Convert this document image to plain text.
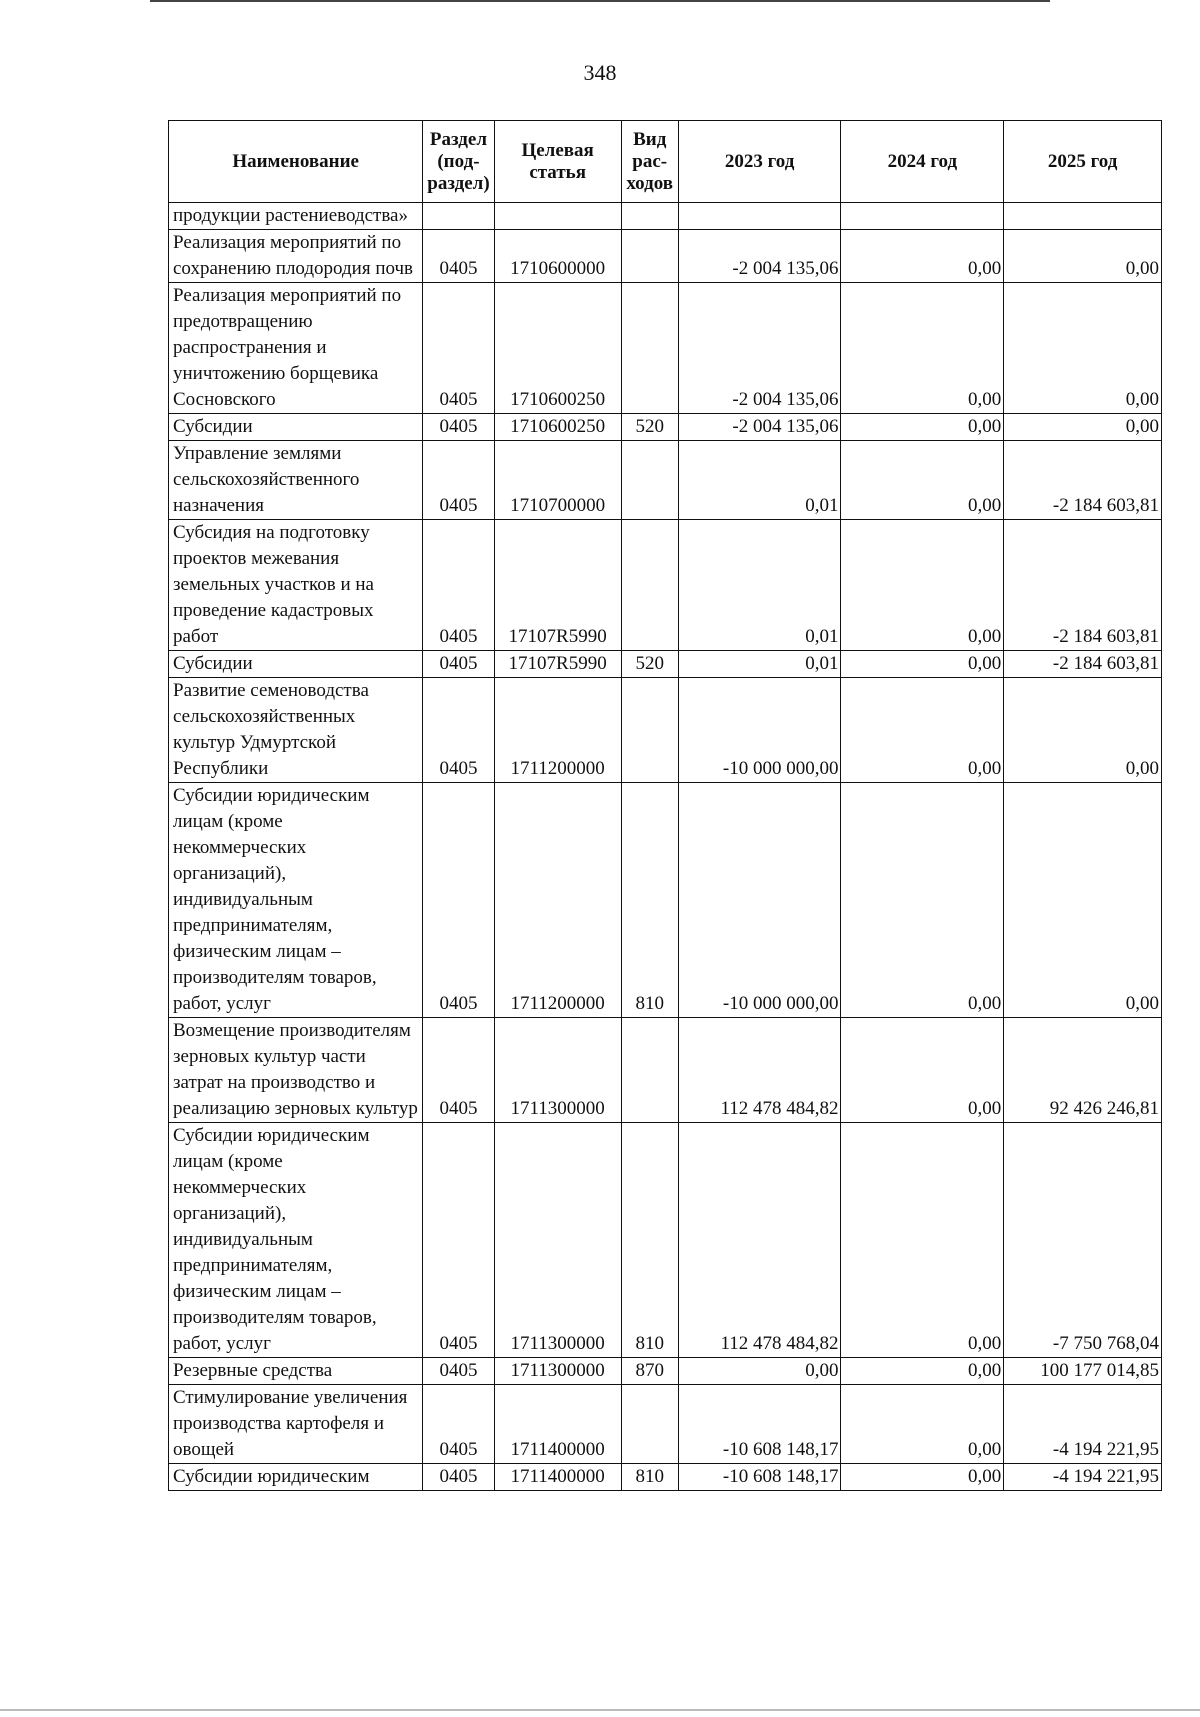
348
Наименование	Раздел (под-раздел)	Целевая статья	Вид рас-ходов	2023 год	2024 год	2025 год
продукции растениеводства»						
Реализация мероприятий по сохранению плодородия почв	0405	1710600000		-2 004 135,06	0,00	0,00
Реализация мероприятий по предотвращению распространения и уничтожению борщевика Сосновского	0405	1710600250		-2 004 135,06	0,00	0,00
Субсидии	0405	1710600250	520	-2 004 135,06	0,00	0,00
Управление землями сельскохозяйственного назначения	0405	1710700000		0,01	0,00	-2 184 603,81
Субсидия на подготовку проектов межевания земельных участков и на проведение кадастровых работ	0405	17107R5990		0,01	0,00	-2 184 603,81
Субсидии	0405	17107R5990	520	0,01	0,00	-2 184 603,81
Развитие семеноводства сельскохозяйственных культур Удмуртской Республики	0405	1711200000		-10 000 000,00	0,00	0,00
Субсидии юридическим лицам (кроме некоммерческих организаций), индивидуальным предпринимателям, физическим лицам – производителям товаров, работ, услуг	0405	1711200000	810	-10 000 000,00	0,00	0,00
Возмещение производителям зерновых культур части затрат на производство и реализацию зерновых культур	0405	1711300000		112 478 484,82	0,00	92 426 246,81
Субсидии юридическим лицам (кроме некоммерческих организаций), индивидуальным предпринимателям, физическим лицам – производителям товаров, работ, услуг	0405	1711300000	810	112 478 484,82	0,00	-7 750 768,04
Резервные средства	0405	1711300000	870	0,00	0,00	100 177 014,85
Стимулирование увеличения производства картофеля и овощей	0405	1711400000		-10 608 148,17	0,00	-4 194 221,95
Субсидии юридическим	0405	1711400000	810	-10 608 148,17	0,00	-4 194 221,95
